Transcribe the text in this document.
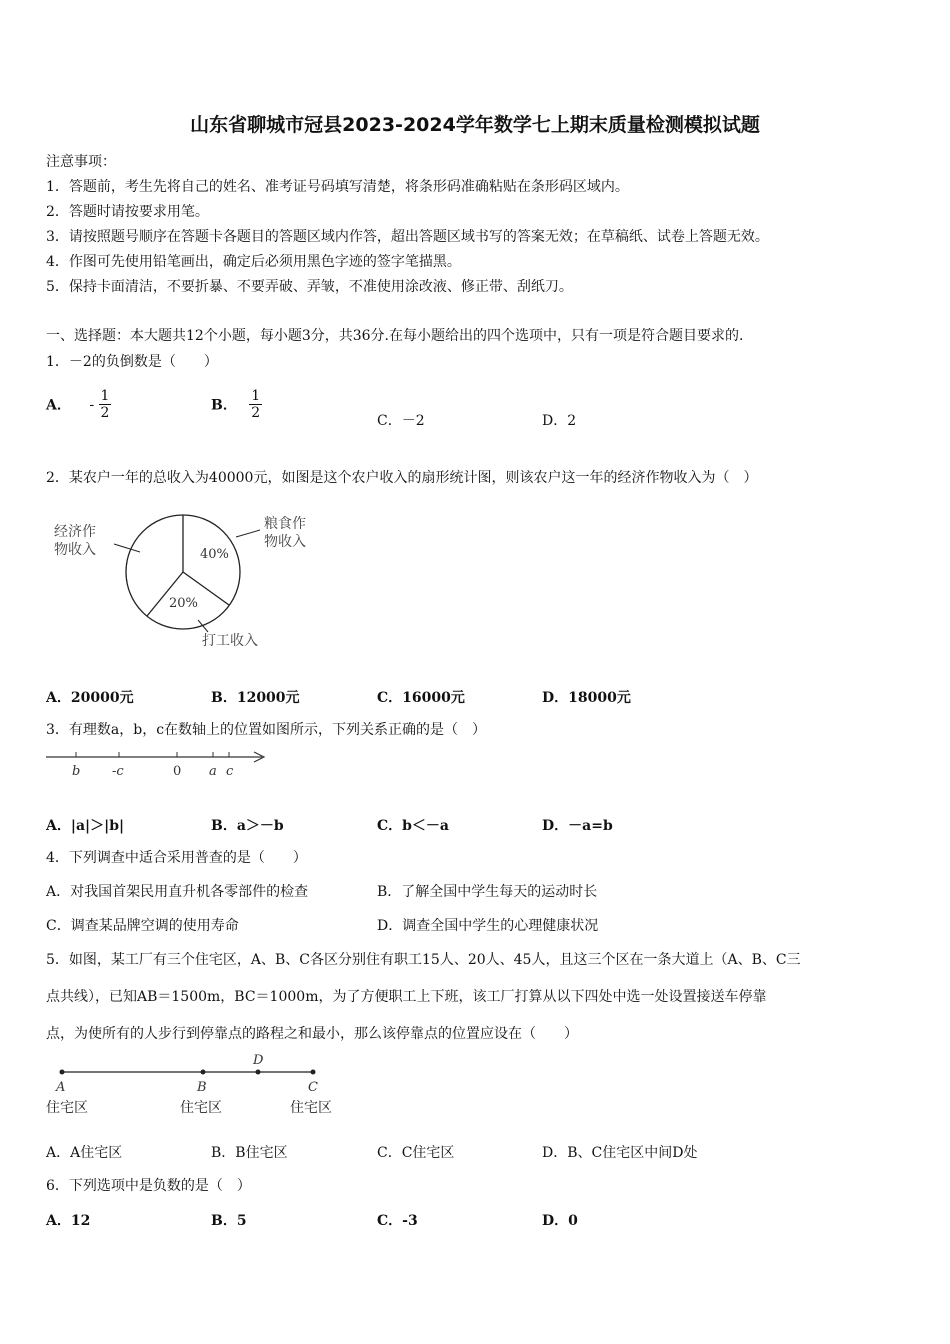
山东省聊城市冠县2023-2024学年数学七上期末质量检测模拟试题
注意事项：
1．答题前，考生先将自己的姓名、准考证号码填写清楚，将条形码准确粘贴在条形码区域内。
2．答题时请按要求用笔。
3．请按照题号顺序在答题卡各题目的答题区域内作答，超出答题区域书写的答案无效；在草稿纸、试卷上答题无效。
4．作图可先使用铅笔画出，确定后必须用黑色字迹的签字笔描黑。
5．保持卡面清洁，不要折暴、不要弄破、弄皱，不准使用涂改液、修正带、刮纸刀。
一、选择题：本大题共12个小题，每小题3分，共36分.在每小题给出的四个选项中，只有一项是符合题目要求的.
1．－2的负倒数是（　　）
A． - $\frac{1}{2}$	B． $\frac{1}{2}$	C．－2	D．2
2．某农户一年的总收入为40000元，如图是这个农户收入的扇形统计图，则该农户这一年的经济作物收入为（　）
经济作
物收入
粮食作
物收入
打工收入
40%
20%
A．20000元	B．12000元	C．16000元	D．18000元
3．有理数a，b，c在数轴上的位置如图所示，下列关系正确的是（　）
b -c	0 a c
A．|a|＞|b|	B．a＞－b	C．b＜－a	D．－a=b
4．下列调查中适合采用普查的是（　　）
A．对我国首架民用直升机各零部件的检查	B．了解全国中学生每天的运动时长
C．调查某品牌空调的使用寿命	D．调查全国中学生的心理健康状况
5．如图，某工厂有三个住宅区，A、B、C各区分别住有职工15人、20人、45人，且这三个区在一条大道上（A、B、C三
点共线），已知AB＝1500m，BC＝1000m，为了方便职工上下班，该工厂打算从以下四处中选一处设置接送车停靠
点，为使所有的人步行到停靠点的路程之和最小，那么该停靠点的位置应设在（　　）
A	B
D
C
住宅区	住宅区	住宅区
A．A住宅区	B．B住宅区	C．C住宅区	D．B、C住宅区中间D处
6．下列选项中是负数的是（　）
A．12	B．5	C．-3	D．0
